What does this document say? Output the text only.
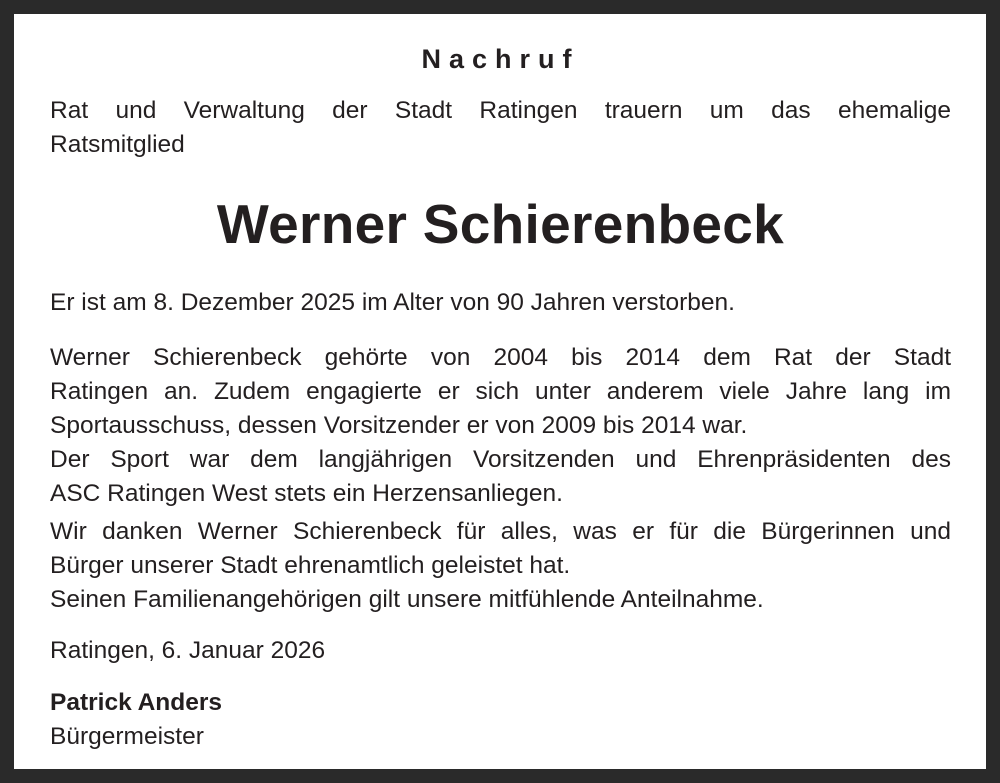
Nachruf
Rat und Verwaltung der Stadt Ratingen trauern um das ehemalige
Ratsmitglied
Werner Schierenbeck
Er ist am 8. Dezember 2025 im Alter von 90 Jahren verstorben.
Werner Schierenbeck gehörte von 2004 bis 2014 dem Rat der Stadt
Ratingen an. Zudem engagierte er sich unter anderem viele Jahre lang im
Sportausschuss, dessen Vorsitzender er von 2009 bis 2014 war.
Der Sport war dem langjährigen Vorsitzenden und Ehrenpräsidenten des
ASC Ratingen West stets ein Herzensanliegen.
Wir danken Werner Schierenbeck für alles, was er für die Bürgerinnen und
Bürger unserer Stadt ehrenamtlich geleistet hat.
Seinen Familienangehörigen gilt unsere mitfühlende Anteilnahme.
Ratingen, 6. Januar 2026
Patrick Anders
Bürgermeister
